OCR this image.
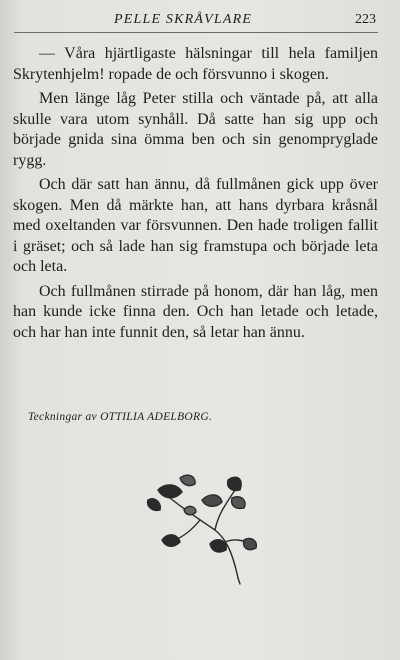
PELLE SKRÅVLARE	223

— Våra hjärtligaste hälsningar till hela familjen Skrytenhjelm! ropade de och försvunno i skogen.

Men länge låg Peter stilla och väntade på, att alla skulle vara utom synhåll. Då satte han sig upp och började gnida sina ömma ben och sin genompryglade rygg.

Och där satt han ännu, då fullmånen gick upp över skogen. Men då märkte han, att hans dyrbara kråsnål med oxeltanden var försvunnen. Den hade troligen fallit i gräset; och så lade han sig framstupa och började leta och leta.

Och fullmånen stirrade på honom, där han låg, men han kunde icke finna den. Och han letade och letade, och har han inte funnit den, så letar han ännu.

Teckningar av OTTILIA ADELBORG.
